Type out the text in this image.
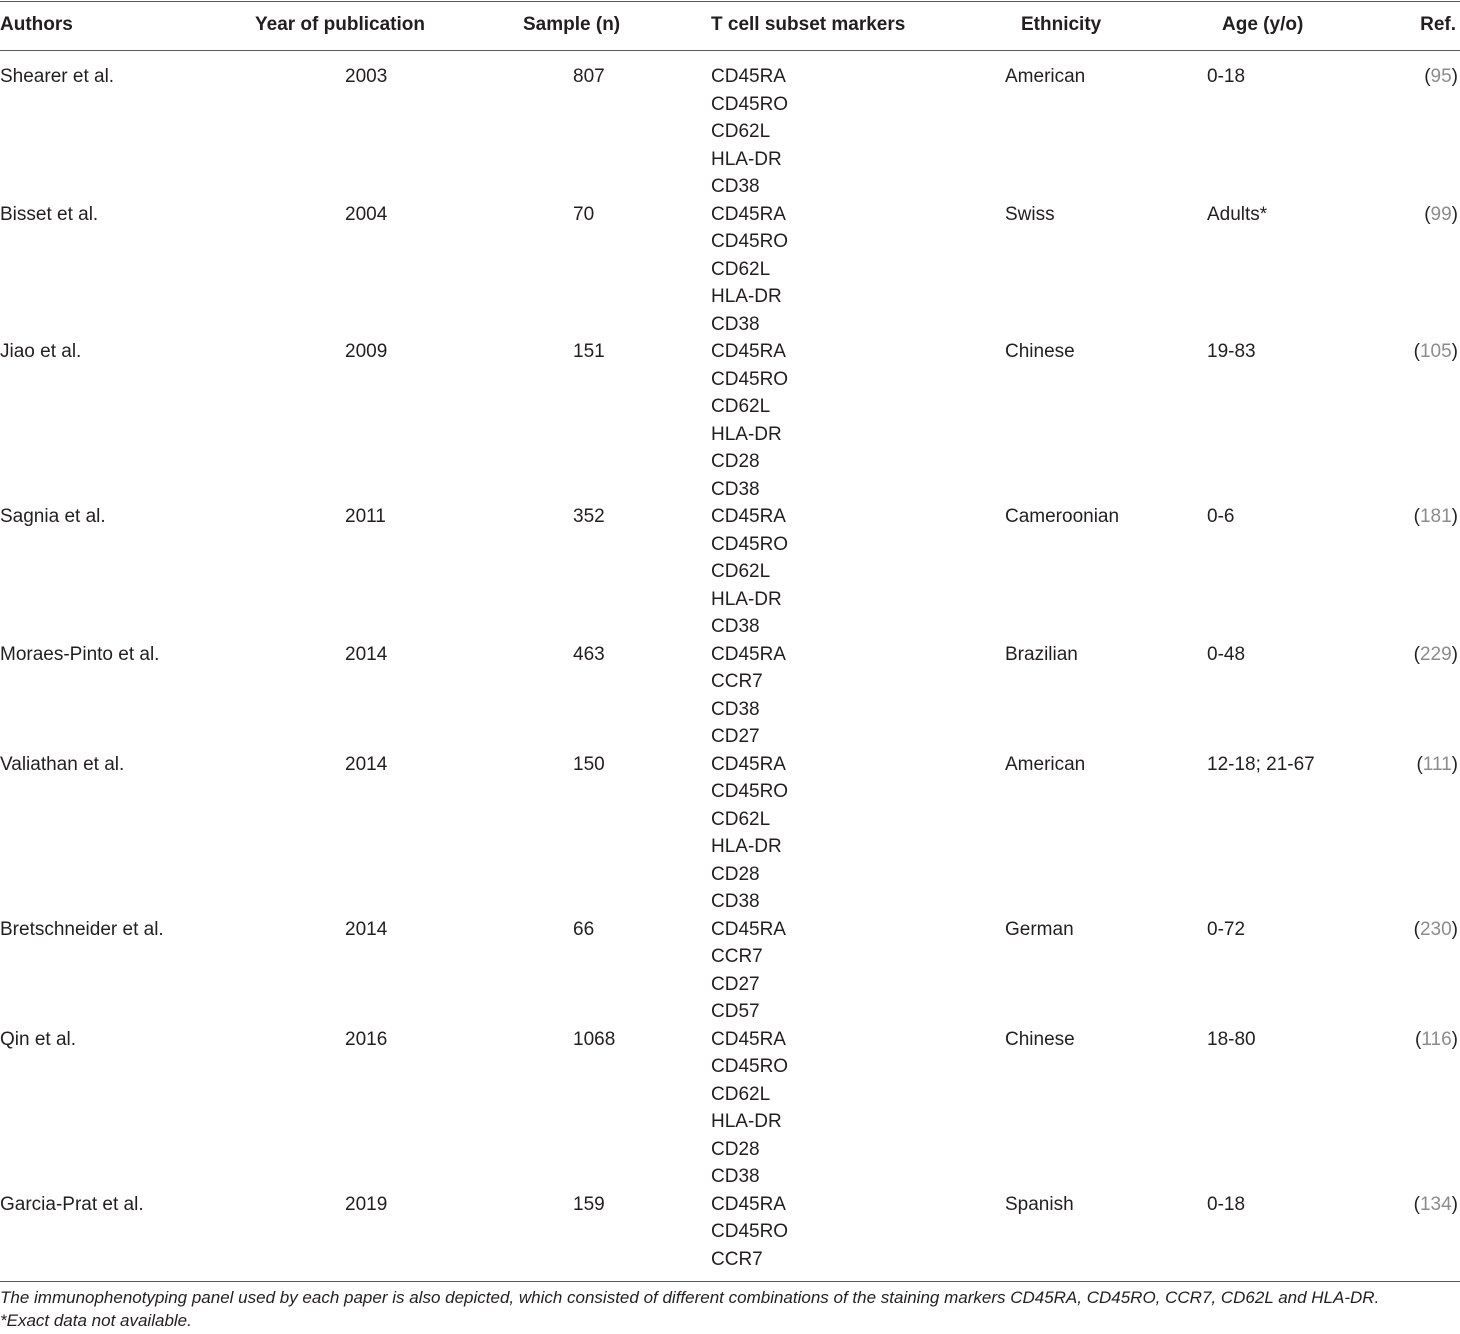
Authors	Year of publication	Sample (n)	T cell subset markers	Ethnicity	Age (y/o)	Ref.
Shearer et al.	2003	807	CD45RA
CD45RO
CD62L
HLA-DR
CD38
American	0-18	(95)
Bisset et al.	2004	70	CD45RA
CD45RO
CD62L
HLA-DR
CD38
Swiss	Adults*	(99)
Jiao et al.	2009	151	CD45RA
CD45RO
CD62L
HLA-DR
CD28
CD38
Chinese	19-83	(105)
Sagnia et al.	2011	352	CD45RA
CD45RO
CD62L
HLA-DR
CD38
Cameroonian	0-6	(181)
Moraes-Pinto et al.	2014	463	CD45RA
CCR7
CD38
CD27
Brazilian	0-48	(229)
Valiathan et al.	2014	150	CD45RA
CD45RO
CD62L
HLA-DR
CD28
CD38
American	12-18; 21-67	(111)
Bretschneider et al.	2014	66	CD45RA
CCR7
CD27
CD57
German	0-72	(230)
Qin et al.	2016	1068	CD45RA
CD45RO
CD62L
HLA-DR
CD28
CD38
Chinese	18-80	(116)
Garcia-Prat et al.	2019	159	CD45RA
CD45RO
CCR7
Spanish	0-18	(134)
The immunophenotyping panel used by each paper is also depicted, which consisted of different combinations of the staining markers CD45RA, CD45RO, CCR7, CD62L and HLA-DR.
*Exact data not available.
